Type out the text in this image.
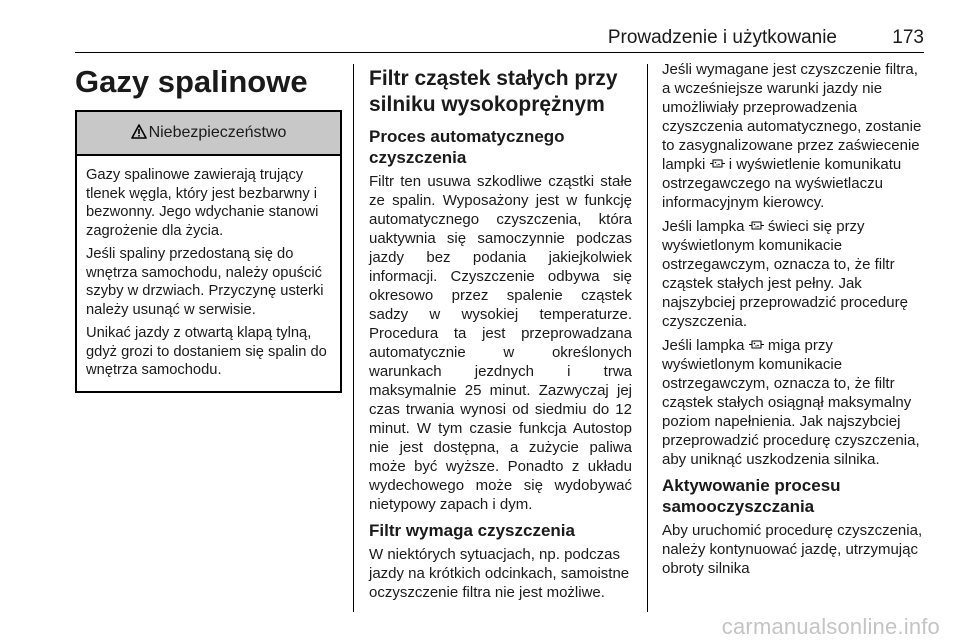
Prowadzenie i użytkowanie	173
Gazy spalinowe
Niebezpieczeństwo

Gazy spalinowe zawierają trujący tlenek węgla, który jest bezbarwny i bezwonny. Jego wdychanie stanowi zagrożenie dla życia.

Jeśli spaliny przedostaną się do wnętrza samochodu, należy opuścić szyby w drzwiach. Przyczynę usterki należy usunąć w serwisie.

Unikać jazdy z otwartą klapą tylną, gdyż grozi to dostaniem się spalin do wnętrza samochodu.

Filtr cząstek stałych przy silniku wysokoprężnym
Proces automatycznego czyszczenia

Filtr ten usuwa szkodliwe cząstki stałe ze spalin. Wyposażony jest w funkcję automatycznego czyszczenia, która uaktywnia się samoczynnie podczas jazdy bez podania jakiejkolwiek informacji. Czyszczenie odbywa się okresowo przez spalenie cząstek sadzy w wysokiej temperaturze. Procedura ta jest przeprowadzana automatycznie w określonych warunkach jezdnych i trwa maksymalnie 25 minut. Zazwyczaj jej czas trwania wynosi od siedmiu do 12 minut. W tym czasie funkcja Autostop nie jest dostępna, a zużycie paliwa może być wyższe. Ponadto z układu wydechowego może się wydobywać nietypowy zapach i dym.

Filtr wymaga czyszczenia

W niektórych sytuacjach, np. podczas jazdy na krótkich odcinkach, samoistne oczyszczenie filtra nie jest możliwe.

Jeśli wymagane jest czyszczenie filtra, a wcześniejsze warunki jazdy nie umożliwiały przeprowadzenia czyszczenia automatycznego, zostanie to zasygnalizowane przez zaświecenie lampki i wyświetlenie komunikatu ostrzegawczego na wyświetlaczu informacyjnym kierowcy.

Jeśli lampka świeci się przy wyświetlonym komunikacie ostrzegawczym, oznacza to, że filtr cząstek stałych jest pełny. Jak najszybciej przeprowadzić procedurę czyszczenia.

Jeśli lampka miga przy wyświetlonym komunikacie ostrzegawczym, oznacza to, że filtr cząstek stałych osiągnął maksymalny poziom napełnienia. Jak najszybciej przeprowadzić procedurę czyszczenia, aby uniknąć uszkodzenia silnika.

Aktywowanie procesu samooczyszczania

Aby uruchomić procedurę czyszczenia, należy kontynuować jazdę, utrzymując obroty silnika

carmanualsonline.info
